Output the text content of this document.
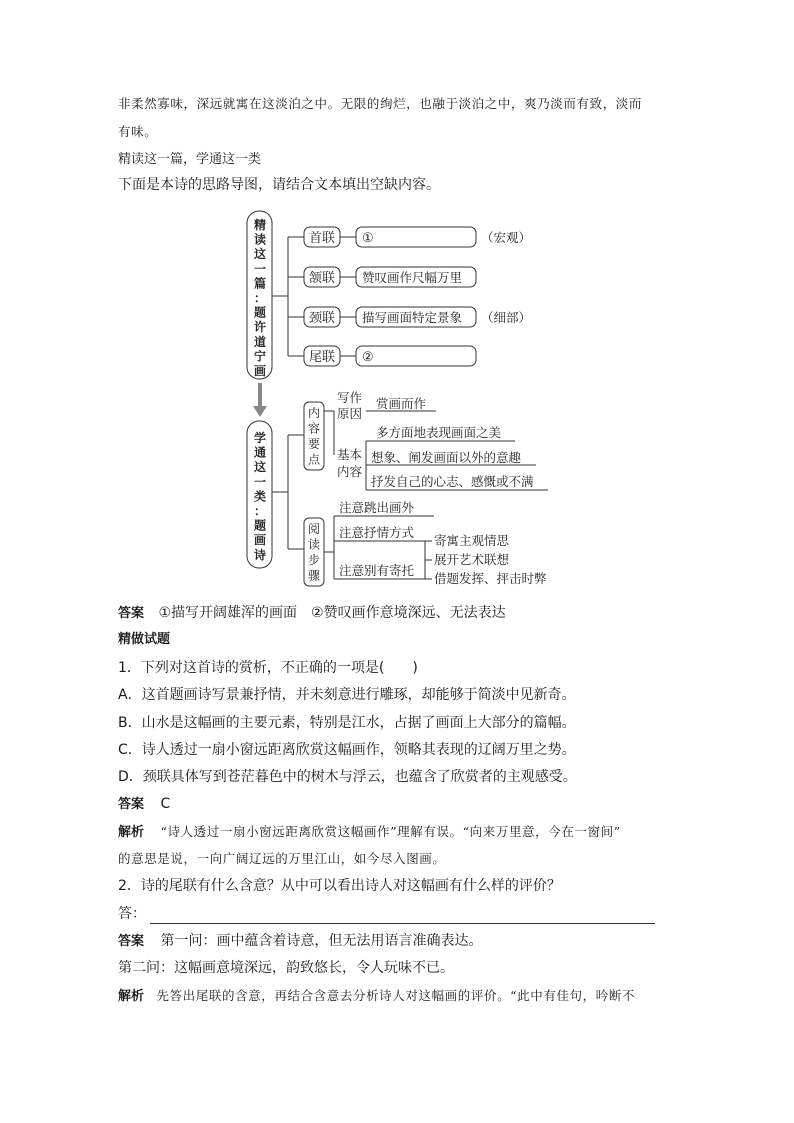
非柔然寡味，深远就寓在这淡泊之中。无限的绚烂，也融于淡泊之中，爽乃淡而有致，淡而
有味。
精读这一篇，学通这一类
下面是本诗的思路导图，请结合文本填出空缺内容。
精
读
这
一
篇
：
题
许
道
宁
画
首联
颔联
颈联
尾联
①
赞叹画作尺幅万里
描写画面特定景象
②
（宏观）
（细部）
学
通
这
一
类
：
题
画
诗
内
容
要
点
写作
原因
赏画而作
基本
内容
多方面地表现画面之美
想象、阐发画面以外的意趣
抒发自己的心志、感慨或不满
阅
读
步
骤
注意跳出画外
注意抒情方式
注意别有寄托
寄寓主观情思
展开艺术联想
借题发挥、抨击时弊
答案 ①描写开阔雄浑的画面　②赞叹画作意境深远、无法表达
精做试题
1．下列对这首诗的赏析，不正确的一项是(　　)
A．这首题画诗写景兼抒情，并未刻意进行雕琢，却能够于简淡中见新奇。
B．山水是这幅画的主要元素，特别是江水，占据了画面上大部分的篇幅。
C．诗人透过一扇小窗远距离欣赏这幅画作，领略其表现的辽阔万里之势。
D．颈联具体写到苍茫暮色中的树木与浮云，也蕴含了欣赏者的主观感受。
答案 C
解析 “诗人透过一扇小窗远距离欣赏这幅画作”理解有误。“向来万里意，今在一窗间”
的意思是说，一向广阔辽远的万里江山，如今尽入图画。
2．诗的尾联有什么含意？从中可以看出诗人对这幅画有什么样的评价？
答：
答案 第一问：画中蕴含着诗意，但无法用语言准确表达。
第二问：这幅画意境深远，韵致悠长，令人玩味不已。
解析 先答出尾联的含意，再结合含意去分析诗人对这幅画的评价。“此中有佳句，吟断不
